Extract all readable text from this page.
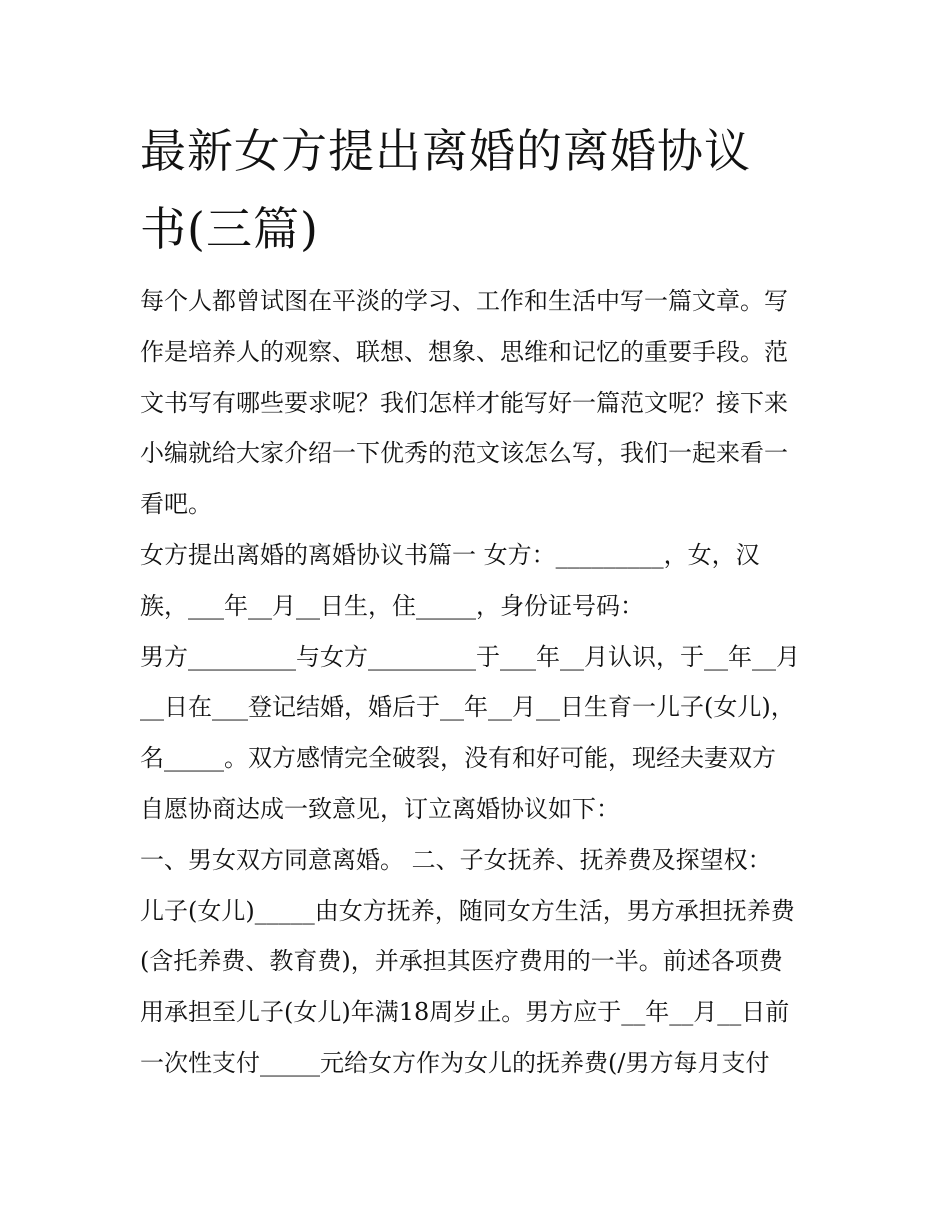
最新女方提出离婚的离婚协议
书(三篇)
每个人都曾试图在平淡的学习、工作和生活中写一篇文章。写
作是培养人的观察、联想、想象、思维和记忆的重要手段。范
文书写有哪些要求呢？我们怎样才能写好一篇范文呢？接下来
小编就给大家介绍一下优秀的范文该怎么写，我们一起来看一
看吧。
女方提出离婚的离婚协议书篇一 女方：_________，女，汉
族，___年__月__日生，住_____，身份证号码：
男方_________与女方_________于___年__月认识，于__年__月
__日在___登记结婚，婚后于__年__月__日生育一儿子(女儿)，
名_____。双方感情完全破裂，没有和好可能，现经夫妻双方
自愿协商达成一致意见，订立离婚协议如下：
一、男女双方同意离婚。 二、子女抚养、抚养费及探望权：
儿子(女儿)_____由女方抚养，随同女方生活，男方承担抚养费
(含托养费、教育费)，并承担其医疗费用的一半。前述各项费
用承担至儿子(女儿)年满18周岁止。男方应于__年__月__日前
一次性支付_____元给女方作为女儿的抚养费(/男方每月支付
